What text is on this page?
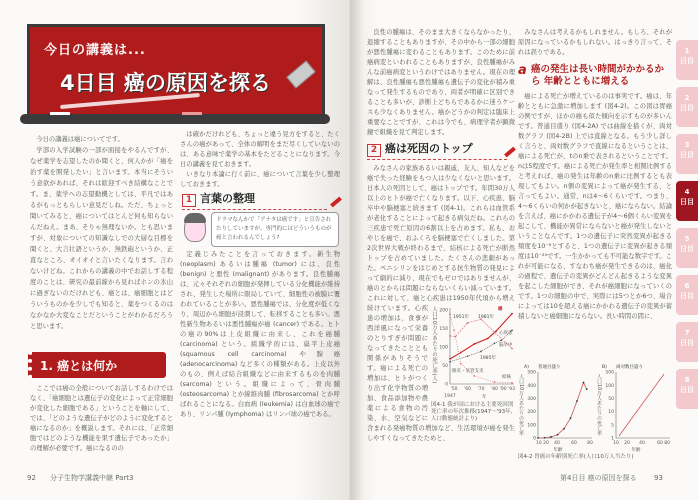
今日の講義は...
4日目 癌の原因を探る

今日の講義は癌についてです。

学部の入学試験の一部が面接をやるんですが、なぜ薬学を志望したのか聞くと、何人かが「癌を治す薬を開発したい」と言います。本当にそういう意欲があれば、それは歓迎すべき結構なことです。ま、薬学への志望動機としては、平凡ではあるがもっともらしい意見だしね。ただ、ちょっと聞いてみると、癌についてはとんど何も知らないんだねえ。まあ、そりゃ無理ないか。とも思いますが、対象についての知識なしでの大層な目標を聞くと、大言壮語というか、無鉄砲というか、正直なところ、オイオイと言いたくなります。言わないけどね。これからの講義の中でお話しする程度のことは、研究の最前線から見ればホンの氷山に過ぎないのだけれども、癌とは、癌細胞とはどういうものかを少しでも知ると、薬をつくるのはなかなか大変なことだということがわかるだろうと思います。

1. 癌とは何か

ここでは癌の全般についてお話しするわけではなく、「癌細胞とは遺伝子の変化によって正常細胞が変化した細胞である」ということを軸にして、では、「どのような遺伝子がどのように変化すると癌になるのか」を概説します。それには、「正常細胞ではどのような機能を果す遺伝子であったか」の理解が必要です。癌になるのの

は確かだけれども、ちょっと違う見方をすると、たくさんの癌があって、全体の解明をまだ尽くしていないのは、ある意味で薬学の基本をたどることになります。今日の講義を見ておきます。

いきなり本論に行く前に、癌について言葉を少し整理しておきます。

1 言葉の整理
ドラマなんかで「アナタは癌です」と宣告されたりしていますが、専門的にはどういうものが癌と言われるんでしょう?

定義じみたことを言っておきます。新生物 (neoplasm) あるいは腫瘍 (tumor) には、良性 (benign) と悪性 (malignant) があります。良性腫瘍は、元々それぞれの細胞が発揮している分化機能が維持され、発生した場所に限局していて、細胞性の被膜に覆われていることが多い。悪性腫瘍では、分化度が低くなり、周辺から細胞が浸潤して、転移することも多い。悪性新生物あるいは悪性腫瘍が癌 (cancer) である。ヒトの癌の90%は上皮組織に由来し、これを癌腫 (carcinoma) という。組織学的には、扁平上皮癌 (squamous cell carcinoma) や腺癌 (adenocarcinoma) など多くの種類がある。上皮以外のもの、例えば結合組織などに由来するものを肉腫 (sarcoma) という。組織によって、骨肉腫 (osteosarcoma) とか線維肉腫 (fibrosarcoma) とか呼ばれることになる。白血病 (leukemia) は白血球の癌であり、リンパ腫 (lymphoma) はリンパ球の癌である。

92 分子生物学講義中継 Part3

良性の腫瘍は、そのまま大きくならなかったり、退縮することもありますが、その中から一部の細胞が悪性腫瘍に変わることもあります。このために前癌病変といわれることもありますが、良性腫瘍がみんな前癌病変というわけではありません。現在の理解は、良性腫瘍も悪性腫瘍も遺伝子の変化が積み重なって発生するものであり、両者が明確に区別できることも多いが、診断上どちらであるかに迷うケースも少なくありません。癌かどうかの判定は臨床上重要なことですが、これは今でも、病理学者が顕微鏡で組織を見て判定します。

2 癌は死因のトップ
人口10万人あたりの死亡率(人)
0
50
100
150
200
1947
'50 '60 '70 '80 '90 '93
年
癌
1951年 1981年
心疾患
脳卒中
1985年
肺炎・気管支炎
結核
図4-1 我が国における主要死因別死亡率の年次推移(1947〜'93年,人口動態統計より)

みなさんの家族あるいは親戚、友人、知人などを癌で失った経験をもつ人は少なくないと思います。日本人の死因として、癌はトップです。年間30万人以上のヒトが癌で亡くなります。以下、心疾患、脳卒中や脳梗塞と続きます (図4-1)。これらは血管系が老化することによって起きる病気だね。これらの三疾患で死亡原因の6割以上を占めます。私も、おやじを癌で、おふくろを脳梗塞で亡くしました。第2次世界大戦が終わるまで、結核による死亡が断然トップを占めていました。たくさんの悲劇があった。ペニシリンをはじめとする抗生物質の発見によって劇的に減り、現在でもゼロではありませんが、癌のとからは問題にならないくらい減っています。これに対して、癌と心疾患は1950年代頃から増え続けています。心疾患の増加は、食事が西洋風になって栄養のとりすぎが問題になってきたこととも関係がありそうです。癌による死亡の増加は、ヒトがつくり出す化学物質の増加、食品添加物や農薬による食物の汚染、水、空気などに含まれる発癌物質の増加など、生活環境が癌を発生しやすくなってきたためと、

みなさんは考えるかもしれません。もしろ、それが原因になっているかもしれない。はっきり言って、それは誤りである。

a 癌の発生は長い時間がかかるから 年齢とともに増える

癌による死亡が増えているのは事実です。癌は、年齢とともに急激に増加します (図4-2)。この図は胃癌の例ですが、ほかの癌も似た傾向を示すものが多いんです。普通目盛り (図4-2A) では曲線を描くが、両対数グラフ (図4-2B) 上では直線となる。もう少し詳しく言うと、両対数グラフで直線になるということは、癌による死亡が、tのn乗で表されるということです。nは5程度です。癌による死亡が発生率と相関比例すると考えれば、癌の発生は年齢のn乗に比例するとも表現してもよい。n個の変異によって癌が発生する、と言ってもよい。通常、nは4〜6くらいです。つまり、4〜6くらいの何かが起きないと、癌にならない。結論を言えば、癌にかかわる遺伝子が4〜6個くらい変異を起こして、機能が異常にならないと癌が発生しないということなんです。1つの遺伝子に突然変異が起きる頻度を10⁻⁶とすると、1つの遺伝子に変異が起きる頻度は10⁻²⁴です。一生かかっても不可能な数字です。これが可能になる、すなわち癌が発生できるのは、癌化の過程で、遺伝子の変異がどんどん起きるような変異を起こした細胞ができ、それが癌細胞になっていくのです。1つの細胞の中で、実際には5つとか6つ、場合によっては10を超える癌にかかわる遺伝子の変異が蓄積しないと癌細胞にならない。長い時間の間に、

人口10万人あたりの死亡率
A) 普通目盛り
0
100
200
300
400
500
10 20 40	60 80
年齢
人口10万人あたりの死亡率
B) 両対数目盛り
1
5
10
50
100
500
10 20 40	60 80
年齢
図4-2 胃癌の年齢別死亡率(人口10万人当たり)
1
日目
2
日目
3
日目
4
日目
5
日目
6
日目
7
日目
8
日目
第4日目 癌の原因を探る 93
